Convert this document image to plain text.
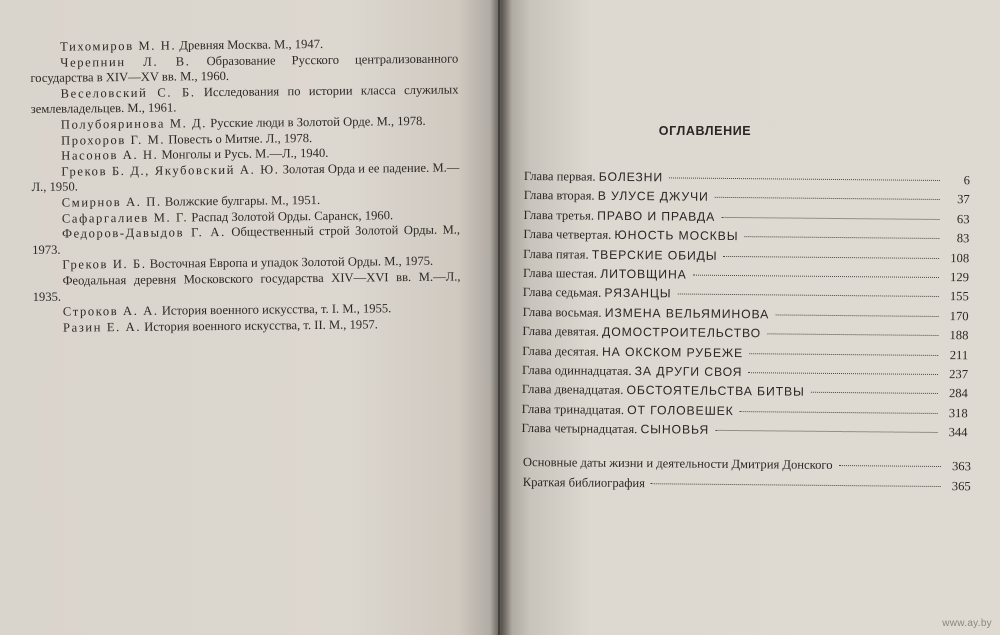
Тихомиров М. Н. Древняя Москва. М., 1947.
Черепнин Л. В. Образование Русского централизованного государства в XIV—XV вв. М., 1960.
Веселовский С. Б. Исследования по истории класса служилых землевладельцев. М., 1961.
Полубояринова М. Д. Русские люди в Золотой Орде. М., 1978.
Прохоров Г. М. Повесть о Митяе. Л., 1978.
Насонов А. Н. Монголы и Русь. М.—Л., 1940.
Греков Б. Д., Якубовский А. Ю. Золотая Орда и ее падение. М.—Л., 1950.
Смирнов А. П. Волжские булгары. М., 1951.
Сафаргалиев М. Г. Распад Золотой Орды. Саранск, 1960.
Федоров-Давыдов Г. А. Общественный строй Золотой Орды. М., 1973.
Греков И. Б. Восточная Европа и упадок Золотой Орды. М., 1975.
Феодальная деревня Московского государства XIV—XVI вв. М.—Л., 1935.
Строков А. А. История военного искусства, т. I. М., 1955.
Разин Е. А. История военного искусства, т. II. М., 1957.
ОГЛАВЛЕНИЕ
Глава первая. БОЛЕЗНИ	6
Глава вторая. В УЛУСЕ ДЖУЧИ	37
Глава третья. ПРАВО И ПРАВДА	63
Глава четвертая. ЮНОСТЬ МОСКВЫ	83
Глава пятая. ТВЕРСКИЕ ОБИДЫ	108
Глава шестая. ЛИТОВЩИНА	129
Глава седьмая. РЯЗАНЦЫ	155
Глава восьмая. ИЗМЕНА ВЕЛЬЯМИНОВА	170
Глава девятая. ДОМОСТРОИТЕЛЬСТВО	188
Глава десятая. НА ОКСКОМ РУБЕЖЕ	211
Глава одиннадцатая. ЗА ДРУГИ СВОЯ	237
Глава двенадцатая. ОБСТОЯТЕЛЬСТВА БИТВЫ	284
Глава тринадцатая. ОТ ГОЛОВЕШЕК	318
Глава четырнадцатая. СЫНОВЬЯ	344
Основные даты жизни и деятельности Дмитрия Донского	363
Краткая библиография	365
www.ay.by
